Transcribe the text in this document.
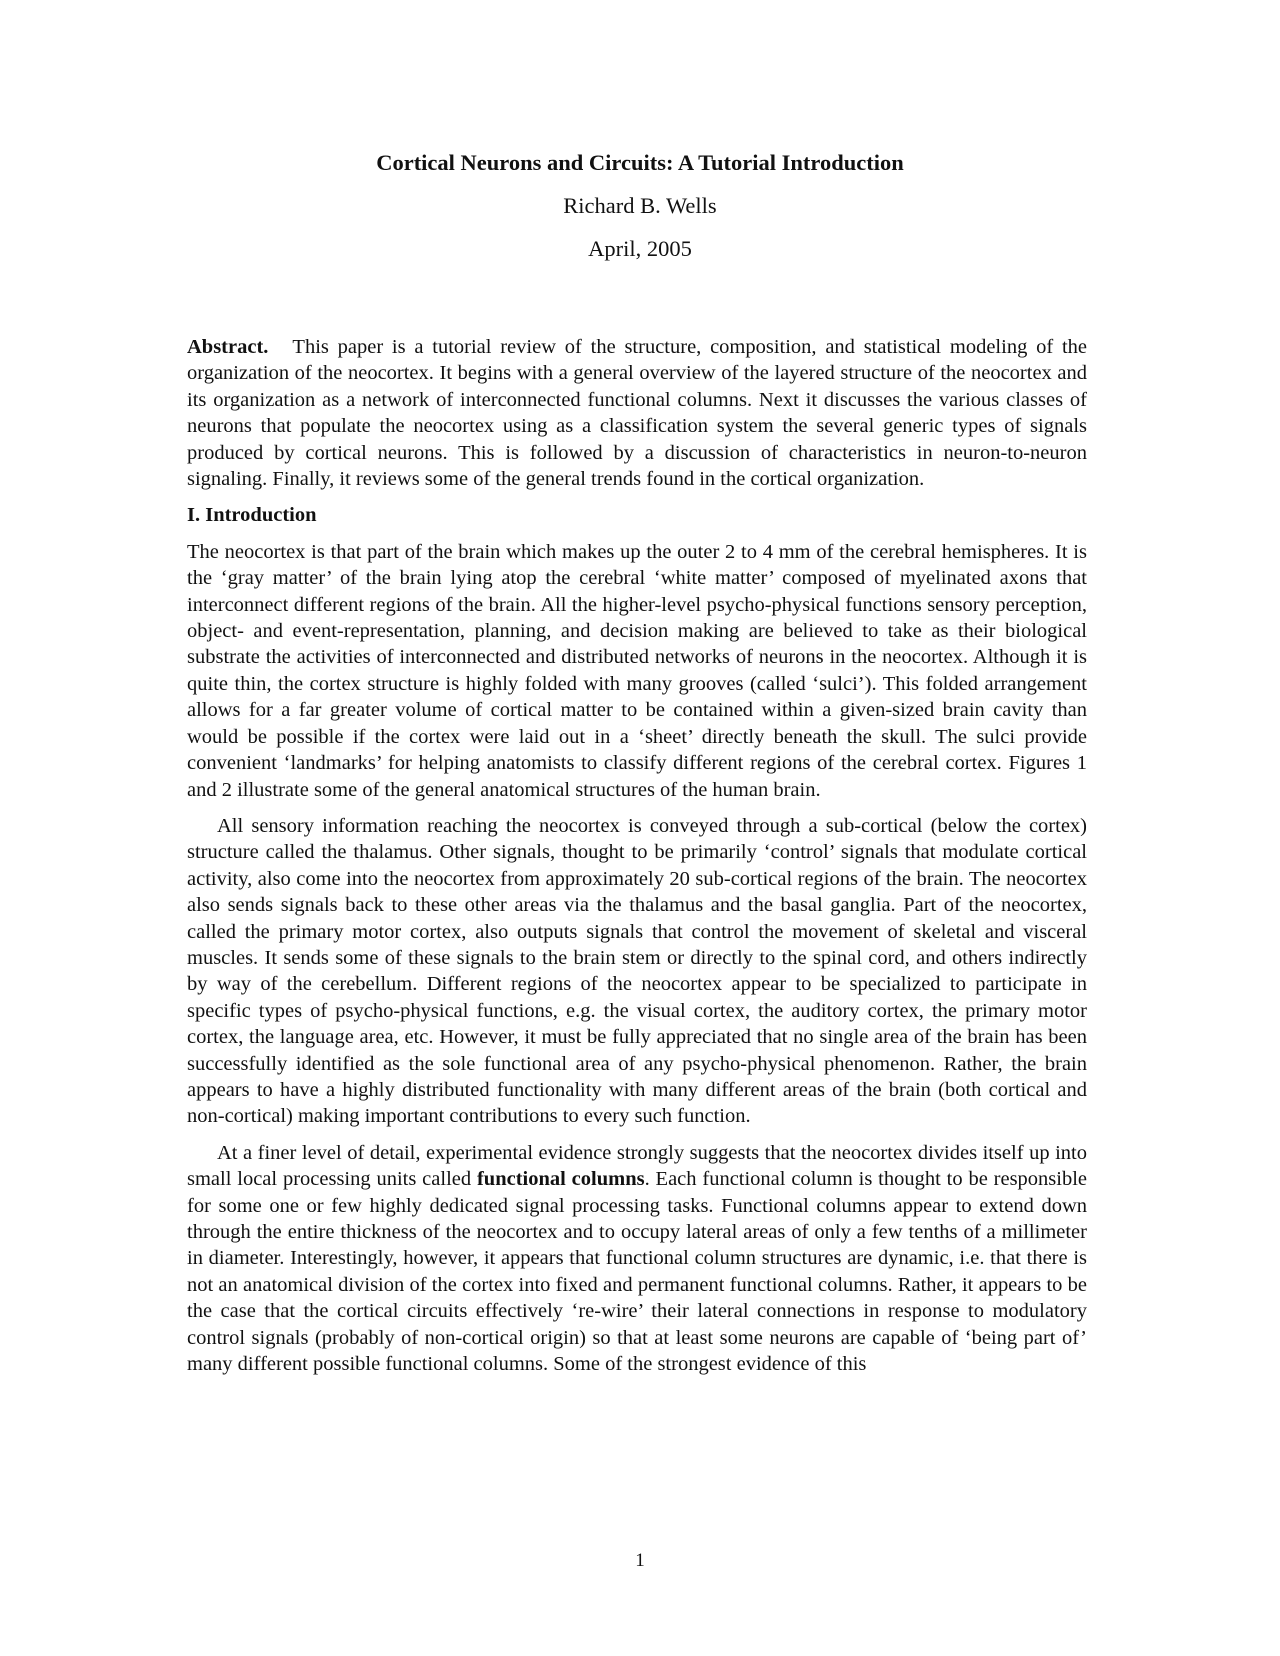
Cortical Neurons and Circuits: A Tutorial Introduction
Richard B. Wells
April, 2005

Abstract. This paper is a tutorial review of the structure, composition, and statistical modeling of the organization of the neocortex. It begins with a general overview of the layered structure of the neocortex and its organization as a network of interconnected functional columns. Next it discusses the various classes of neurons that populate the neocortex using as a classification system the several generic types of signals produced by cortical neurons. This is followed by a discussion of characteristics in neuron-to-neuron signaling. Finally, it reviews some of the general trends found in the cortical organization.

I. Introduction

The neocortex is that part of the brain which makes up the outer 2 to 4 mm of the cerebral hemispheres. It is the ‘gray matter’ of the brain lying atop the cerebral ‘white matter’ composed of myelinated axons that interconnect different regions of the brain. All the higher-level psycho-physical functions sensory perception, object- and event-representation, planning, and decision making are believed to take as their biological substrate the activities of interconnected and distributed networks of neurons in the neocortex. Although it is quite thin, the cortex structure is highly folded with many grooves (called ‘sulci’). This folded arrangement allows for a far greater volume of cortical matter to be contained within a given-sized brain cavity than would be possible if the cortex were laid out in a ‘sheet’ directly beneath the skull. The sulci provide convenient ‘landmarks’ for helping anatomists to classify different regions of the cerebral cortex. Figures 1 and 2 illustrate some of the general anatomical structures of the human brain.

All sensory information reaching the neocortex is conveyed through a sub-cortical (below the cortex) structure called the thalamus. Other signals, thought to be primarily ‘control’ signals that modulate cortical activity, also come into the neocortex from approximately 20 sub-cortical regions of the brain. The neocortex also sends signals back to these other areas via the thalamus and the basal ganglia. Part of the neocortex, called the primary motor cortex, also outputs signals that control the movement of skeletal and visceral muscles. It sends some of these signals to the brain stem or directly to the spinal cord, and others indirectly by way of the cerebellum. Different regions of the neocortex appear to be specialized to participate in specific types of psycho-physical functions, e.g. the visual cortex, the auditory cortex, the primary motor cortex, the language area, etc. However, it must be fully appreciated that no single area of the brain has been successfully identified as the sole functional area of any psycho-physical phenomenon. Rather, the brain appears to have a highly distributed functionality with many different areas of the brain (both cortical and non-cortical) making important contributions to every such function.

At a finer level of detail, experimental evidence strongly suggests that the neocortex divides itself up into small local processing units called functional columns. Each functional column is thought to be responsible for some one or few highly dedicated signal processing tasks. Functional columns appear to extend down through the entire thickness of the neocortex and to occupy lateral areas of only a few tenths of a millimeter in diameter. Interestingly, however, it appears that functional column structures are dynamic, i.e. that there is not an anatomical division of the cortex into fixed and permanent functional columns. Rather, it appears to be the case that the cortical circuits effectively ‘re-wire’ their lateral connections in response to modulatory control signals (probably of non-cortical origin) so that at least some neurons are capable of ‘being part of’ many different possible functional columns. Some of the strongest evidence of this

1
